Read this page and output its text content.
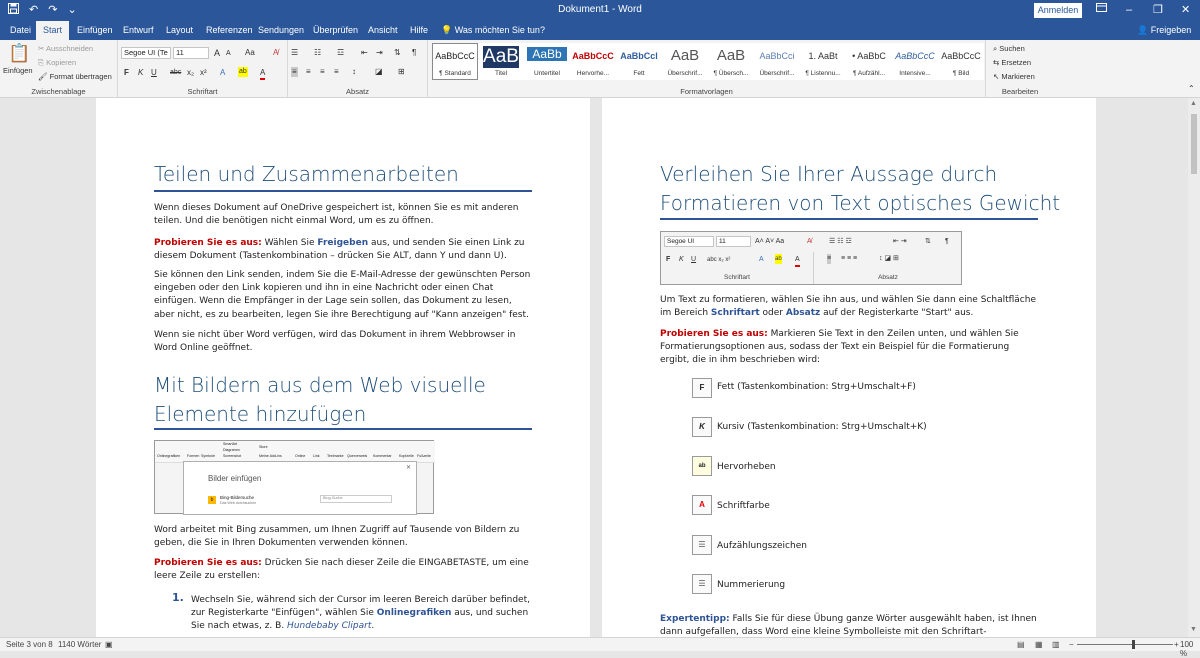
↶ ↷ ⌄	Dokument1 - Word	Anmelden	– ❐ ✕
Datei	Start	Einfügen	Entwurf	Layout	Referenzen Sendungen Überprüfen	Ansicht	Hilfe	💡 Was möchten Sie tun?	👤 Freigeben
📋
Einfügen
✂ Ausschneiden
⎘ Kopieren
🖌 Format übertragen
Zwischenablage
Segoe UI (Te	11	A A Aa A̸
F K U abc x₂ x² A ab A
Schriftart
☰ ☷ ☲ ⇤ ⇥ ⇅ ¶
≡ ≡ ≡ ≡ ↕ ◪ ⊞
Absatz
AaBbCcC
¶ Standard
AaB
Titel
AaBb
Untertitel
AaBbCcC
Hervorhe...
AaBbCcl
Fett
AaB
Überschrif...
AaB
¶ Übersch...
AaBbCci
Überschrif...
1. AaBt
¶ Listennu...
• AaBbC
¶ Aufzähl...
AaBbCcC
Intensive...
AaBbCcC
¶ Bild
Formatvorlagen
⌕ Suchen
⇆ Ersetzen
↖ Markieren
Bearbeiten	⌃
Teilen und Zusammenarbeiten
Wenn dieses Dokument auf OneDrive gespeichert ist, können Sie es mit anderen teilen. Und die benötigen nicht einmal Word, um es zu öffnen.
Probieren Sie es aus: Wählen Sie Freigeben aus, und senden Sie einen Link zu diesem Dokument (Tastenkombination – drücken Sie ALT, dann Y und dann U).
Sie können den Link senden, indem Sie die E-Mail-Adresse der gewünschten Person eingeben oder den Link kopieren und ihn in eine Nachricht oder einen Chat einfügen. Wenn die Empfänger in der Lage sein sollen, das Dokument zu lesen, aber nicht, es zu bearbeiten, legen Sie ihre Berechtigung auf "Kann anzeigen" fest.
Wenn sie nicht über Word verfügen, wird das Dokument in ihrem Webbrowser in Word Online geöffnet.
Mit Bildern aus dem Web visuelle
Elemente hinzufügen
Onlinegrafiken Formen Symbole
SmartArt
Diagramm
Screenshot
Store
Meine Add-ins	Online Link Textmarke Querverweis Kommentar Kopfzeile Fußzeile
Bilder einfügen
✕
b	Bing-Bildersuche
Das Web durchsuchen
Bing-Suche
Word arbeitet mit Bing zusammen, um Ihnen Zugriff auf Tausende von Bildern zu geben, die Sie in Ihren Dokumenten verwenden können.
Probieren Sie es aus: Drücken Sie nach dieser Zeile die EINGABETASTE, um eine leere Zeile zu erstellen:
1. Wechseln Sie, während sich der Cursor im leeren Bereich darüber befindet, zur Registerkarte "Einfügen", wählen Sie Onlinegrafiken aus, und suchen Sie nach etwas, z. B. Hundebaby Clipart.
Verleihen Sie Ihrer Aussage durch
Formatieren von Text optisches Gewicht
Segoe UI	11	A˄ A˅ Aa	A̸ ☰ ☷ ☲	⇤ ⇥	⇅ ¶
F K U abc x₂ x²	A ab A	≡ ≡ ≡ ≡	↕ ◪ ⊞
Schriftart	Absatz
Um Text zu formatieren, wählen Sie ihn aus, und wählen Sie dann eine Schaltfläche im Bereich Schriftart oder Absatz auf der Registerkarte "Start" aus.
Probieren Sie es aus: Markieren Sie Text in den Zeilen unten, und wählen Sie Formatierungsoptionen aus, sodass der Text ein Beispiel für die Formatierung ergibt, die in ihm beschrieben wird:
F	Fett (Tastenkombination: Strg+Umschalt+F)
K	Kursiv (Tastenkombination: Strg+Umschalt+K)
ab	Hervorheben
A	Schriftfarbe
☰	Aufzählungszeichen
☰	Nummerierung
Expertentipp: Falls Sie für diese Übung ganze Wörter ausgewählt haben, ist Ihnen dann aufgefallen, dass Word eine kleine Symbolleiste mit den Schriftart-
▲
▼
Seite 3 von 8 1140 Wörter ▣	▤ ▦ ▥ −	+ 100 %
